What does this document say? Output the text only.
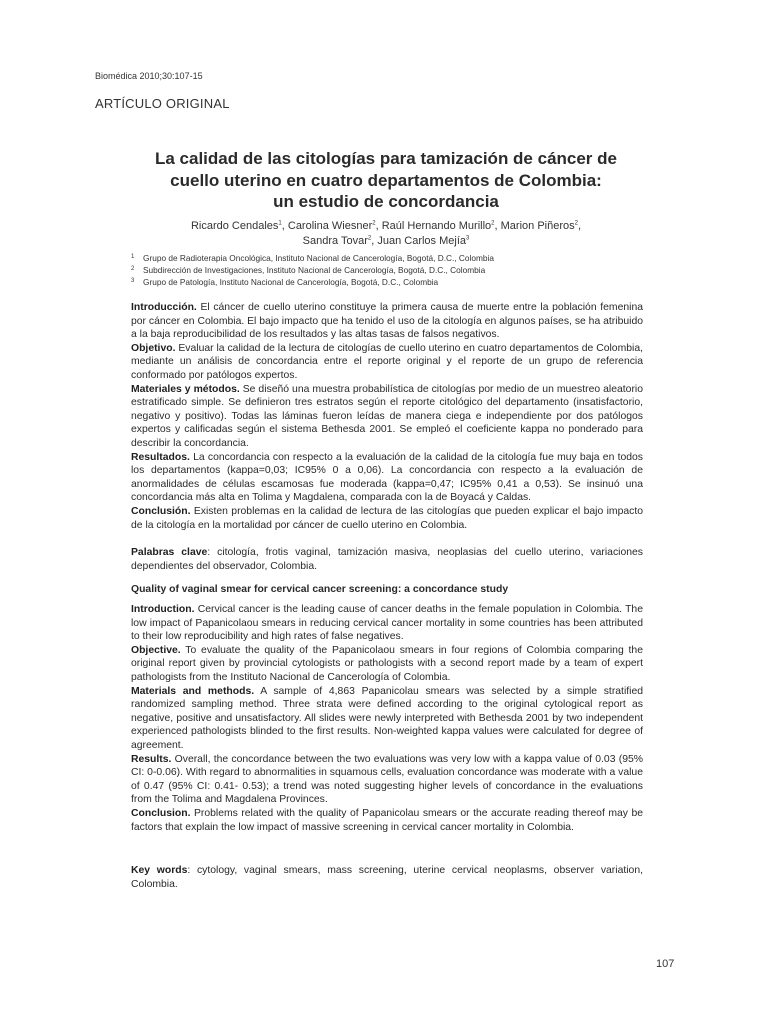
Biomédica 2010;30:107-15
ARTÍCULO ORIGINAL
La calidad de las citologías para tamización de cáncer de
cuello uterino en cuatro departamentos de Colombia:
un estudio de concordancia
Ricardo Cendales$^1$, Carolina Wiesner$^2$, Raúl Hernando Murillo$^2$, Marion Piñeros$^2$,
Sandra Tovar$^2$, Juan Carlos Mejía$^3$
1 Grupo de Radioterapia Oncológica, Instituto Nacional de Cancerología, Bogotá, D.C., Colombia
2 Subdirección de Investigaciones, Instituto Nacional de Cancerología, Bogotá, D.C., Colombia
3 Grupo de Patología, Instituto Nacional de Cancerología, Bogotá, D.C., Colombia

Introducción. El cáncer de cuello uterino constituye la primera causa de muerte entre la población femenina por cáncer en Colombia. El bajo impacto que ha tenido el uso de la citología en algunos países, se ha atribuido a la baja reproducibilidad de los resultados y las altas tasas de falsos negativos.

Objetivo. Evaluar la calidad de la lectura de citologías de cuello uterino en cuatro departamentos de Colombia, mediante un análisis de concordancia entre el reporte original y el reporte de un grupo de referencia conformado por patólogos expertos.

Materiales y métodos. Se diseñó una muestra probabilística de citologías por medio de un muestreo aleatorio estratificado simple. Se definieron tres estratos según el reporte citológico del departamento (insatisfactorio, negativo y positivo). Todas las láminas fueron leídas de manera ciega e independiente por dos patólogos expertos y calificadas según el sistema Bethesda 2001. Se empleó el coeficiente kappa no ponderado para describir la concordancia.

Resultados. La concordancia con respecto a la evaluación de la calidad de la citología fue muy baja en todos los departamentos (kappa=0,03; IC95% 0 a 0,06). La concordancia con respecto a la evaluación de anormalidades de células escamosas fue moderada (kappa=0,47; IC95% 0,41 a 0,53). Se insinuó una concordancia más alta en Tolima y Magdalena, comparada con la de Boyacá y Caldas.

Conclusión. Existen problemas en la calidad de lectura de las citologías que pueden explicar el bajo impacto de la citología en la mortalidad por cáncer de cuello uterino en Colombia.

Palabras clave: citología, frotis vaginal, tamización masiva, neoplasias del cuello uterino, variaciones dependientes del observador, Colombia.

Quality of vaginal smear for cervical cancer screening: a concordance study

Introduction. Cervical cancer is the leading cause of cancer deaths in the female population in Colombia. The low impact of Papanicolaou smears in reducing cervical cancer mortality in some countries has been attributed to their low reproducibility and high rates of false negatives.

Objective. To evaluate the quality of the Papanicolaou smears in four regions of Colombia comparing the original report given by provincial cytologists or pathologists with a second report made by a team of expert pathologists from the Instituto Nacional de Cancerología of Colombia.

Materials and methods. A sample of 4,863 Papanicolau smears was selected by a simple stratified randomized sampling method. Three strata were defined according to the original cytological report as negative, positive and unsatisfactory. All slides were newly interpreted with Bethesda 2001 by two independent experienced pathologists blinded to the first results. Non-weighted kappa values were calculated for degree of agreement.

Results. Overall, the concordance between the two evaluations was very low with a kappa value of 0.03 (95% CI: 0-0.06). With regard to abnormalities in squamous cells, evaluation concordance was moderate with a value of 0.47 (95% CI: 0.41- 0.53); a trend was noted suggesting higher levels of concordance in the evaluations from the Tolima and Magdalena Provinces.

Conclusion. Problems related with the quality of Papanicolau smears or the accurate reading thereof may be factors that explain the low impact of massive screening in cervical cancer mortality in Colombia.

Key words: cytology, vaginal smears, mass screening, uterine cervical neoplasms, observer variation, Colombia.

107
